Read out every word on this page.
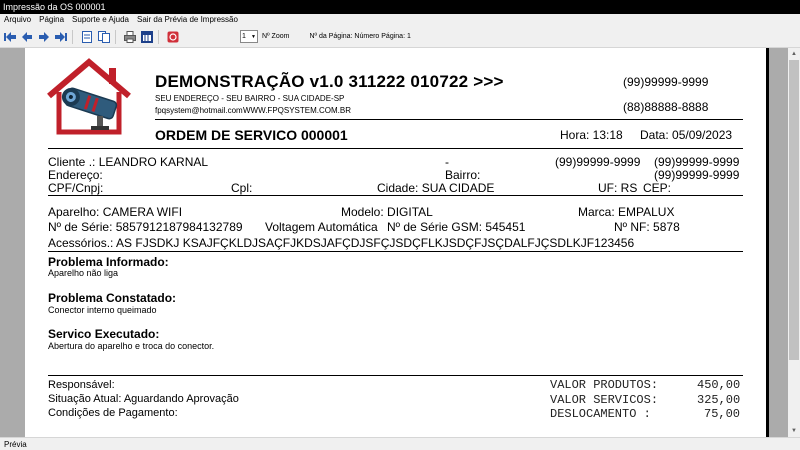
Impressão da OS 000001
Arquivo Página Suporte e Ajuda Sair da Prévia de Impressão
1 ▼ Nº Zoom	Nº da Página: Número Página: 1
DEMONSTRAÇÃO v1.0 311222 010722 >>>
SEU ENDEREÇO - SEU BAIRRO - SUA CIDADE-SP
fpqsystem@hotmail.com WWW.FPQSYSTEM.COM.BR
(99)99999-9999
(88)88888-8888
ORDEM DE SERVICO 000001	Hora: 13:18 Data: 05/09/2023
Cliente .: LEANDRO KARNAL	-	(99)99999-9999 (99)99999-9999
Endereço:	Bairro:	(99)99999-9999
CPF/Cnpj:	Cpl:	Cidade: SUA CIDADE	UF: RS CEP:
Aparelho: CAMERA WIFI	Modelo: DIGITAL	Marca: EMPALUX
Nº de Série: 5857912187984132789 Voltagem Automática Nº de Série GSM: 545451	Nº NF: 5878
Acessórios.: AS FJSDKJ KSAJFÇKLDJSAÇFJKDSJAFÇDJSFÇJSDÇFLKJSDÇFJSÇDALFJÇSDLKJF123456
Problema Informado:
Aparelho não liga
Problema Constatado:
Conector interno queimado
Servico Executado:
Abertura do aparelho e troca do conector.
Responsável:
Situação Atual: Aguardando Aprovação
Condições de Pagamento:
VALOR PRODUTOS:	450,00
VALOR SERVICOS:	325,00
DESLOCAMENTO :	75,00
▲
▼
Prévia
